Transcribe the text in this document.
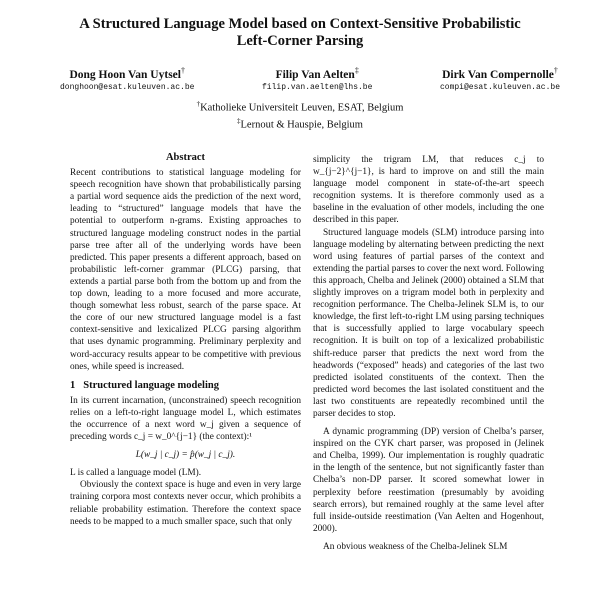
A Structured Language Model based on Context-Sensitive Probabilistic
Left-Corner Parsing
Dong Hoon Van Uytsel†
donghoon@esat.kuleuven.ac.be
Filip Van Aelten‡
filip.van.aelten@lhs.be
Dirk Van Compernolle†
compi@esat.kuleuven.ac.be
†Katholieke Universiteit Leuven, ESAT, Belgium
‡Lernout & Hauspie, Belgium
Abstract

Recent contributions to statistical language modeling for speech recognition have shown that probabilistically parsing a partial word sequence aids the prediction of the next word, leading to “structured” language models that have the potential to outperform n-grams. Existing approaches to structured language modeling construct nodes in the partial parse tree after all of the underlying words have been predicted. This paper presents a different approach, based on probabilistic left-corner grammar (PLCG) parsing, that extends a partial parse both from the bottom up and from the top down, leading to a more focused and more accurate, though somewhat less robust, search of the parse space. At the core of our new structured language model is a fast context-sensitive and lexicalized PLCG parsing algorithm that uses dynamic programming. Preliminary perplexity and word-accuracy results appear to be competitive with previous ones, while speed is increased.

1 Structured language modeling

In its current incarnation, (unconstrained) speech recognition relies on a left-to-right language model L, which estimates the occurrence of a next word w_j given a sequence of preceding words c_j = w_0^{j−1} (the context):¹

L(w_j | c_j) = p̂(w_j | c_j).

L is called a language model (LM).

Obviously the context space is huge and even in very large training corpora most contexts never occur, which prohibits a reliable probability estimation. Therefore the context space needs to be mapped to a much smaller space, such that only

simplicity the trigram LM, that reduces c_j to w_{j−2}^{j−1}, is hard to improve on and still the main language model component in state-of-the-art speech recognition systems. It is therefore commonly used as a baseline in the evaluation of other models, including the one described in this paper.

Structured language models (SLM) introduce parsing into language modeling by alternating between predicting the next word using features of partial parses of the context and extending the partial parses to cover the next word. Following this approach, Chelba and Jelinek (2000) obtained a SLM that slightly improves on a trigram model both in perplexity and recognition performance. The Chelba-Jelinek SLM is, to our knowledge, the first left-to-right LM using parsing techniques that is successfully applied to large vocabulary speech recognition. It is built on top of a lexicalized probabilistic shift-reduce parser that predicts the next word from the headwords (“exposed” heads) and categories of the last two predicted isolated constituents of the context. Then the predicted word becomes the last isolated constituent and the last two constituents are repeatedly recombined until the parser decides to stop.

A dynamic programming (DP) version of Chelba’s parser, inspired on the CYK chart parser, was proposed in (Jelinek and Chelba, 1999). Our implementation is roughly quadratic in the length of the sentence, but not significantly faster than Chelba’s non-DP parser. It scored somewhat lower in perplexity before reestimation (presumably by avoiding search errors), but remained roughly at the same level after full inside-outside reestimation (Van Aelten and Hogenhout, 2000).

An obvious weakness of the Chelba-Jelinek SLM
